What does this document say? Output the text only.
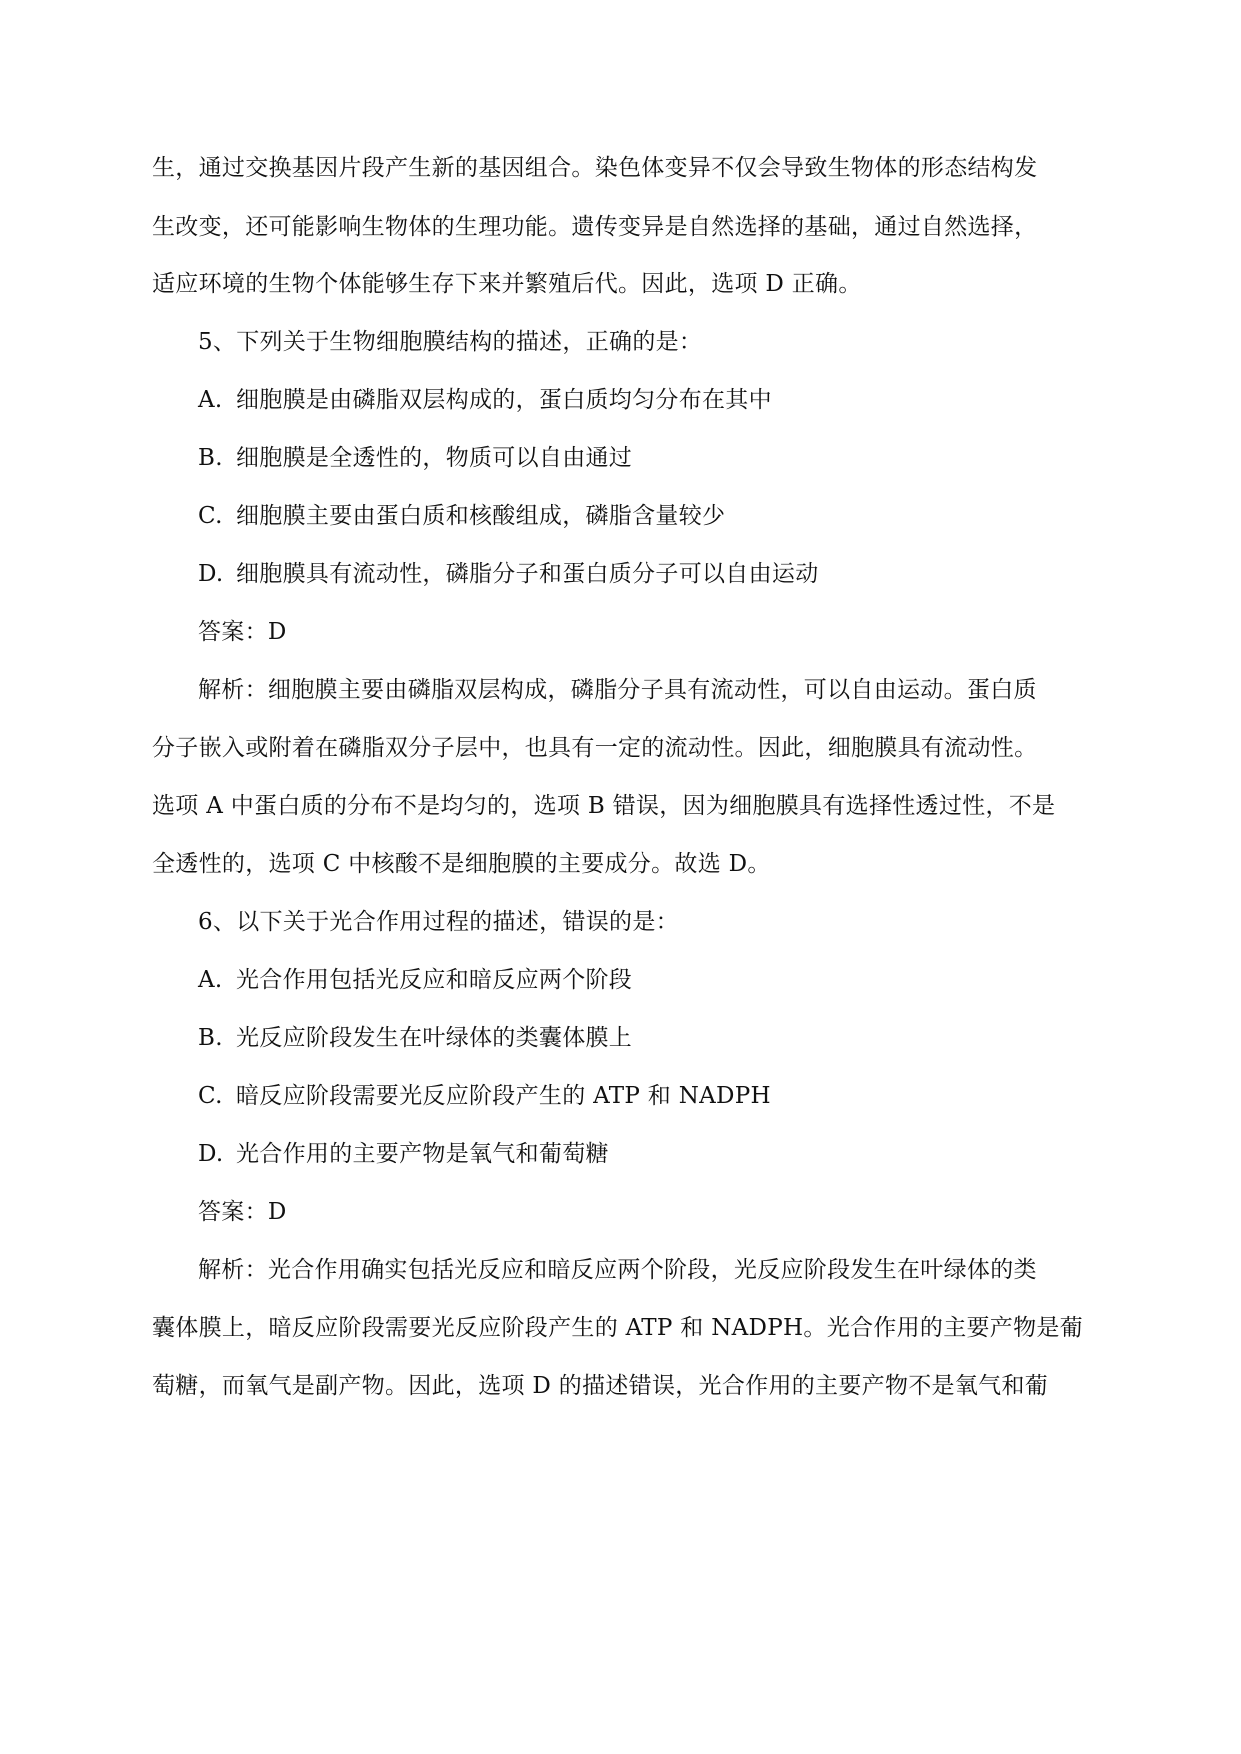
生，通过交换基因片段产生新的基因组合。染色体变异不仅会导致生物体的形态结构发
生改变，还可能影响生物体的生理功能。遗传变异是自然选择的基础，通过自然选择，
适应环境的生物个体能够生存下来并繁殖后代。因此，选项 D 正确。
5、下列关于生物细胞膜结构的描述，正确的是：
A. 细胞膜是由磷脂双层构成的，蛋白质均匀分布在其中
B. 细胞膜是全透性的，物质可以自由通过
C. 细胞膜主要由蛋白质和核酸组成，磷脂含量较少
D. 细胞膜具有流动性，磷脂分子和蛋白质分子可以自由运动
答案：D
解析：细胞膜主要由磷脂双层构成，磷脂分子具有流动性，可以自由运动。蛋白质
分子嵌入或附着在磷脂双分子层中，也具有一定的流动性。因此，细胞膜具有流动性。
选项 A 中蛋白质的分布不是均匀的，选项 B 错误，因为细胞膜具有选择性透过性，不是
全透性的，选项 C 中核酸不是细胞膜的主要成分。故选 D。
6、以下关于光合作用过程的描述，错误的是：
A. 光合作用包括光反应和暗反应两个阶段
B. 光反应阶段发生在叶绿体的类囊体膜上
C. 暗反应阶段需要光反应阶段产生的 ATP 和 NADPH
D. 光合作用的主要产物是氧气和葡萄糖
答案：D
解析：光合作用确实包括光反应和暗反应两个阶段，光反应阶段发生在叶绿体的类
囊体膜上，暗反应阶段需要光反应阶段产生的 ATP 和 NADPH。光合作用的主要产物是葡
萄糖，而氧气是副产物。因此，选项 D 的描述错误，光合作用的主要产物不是氧气和葡
